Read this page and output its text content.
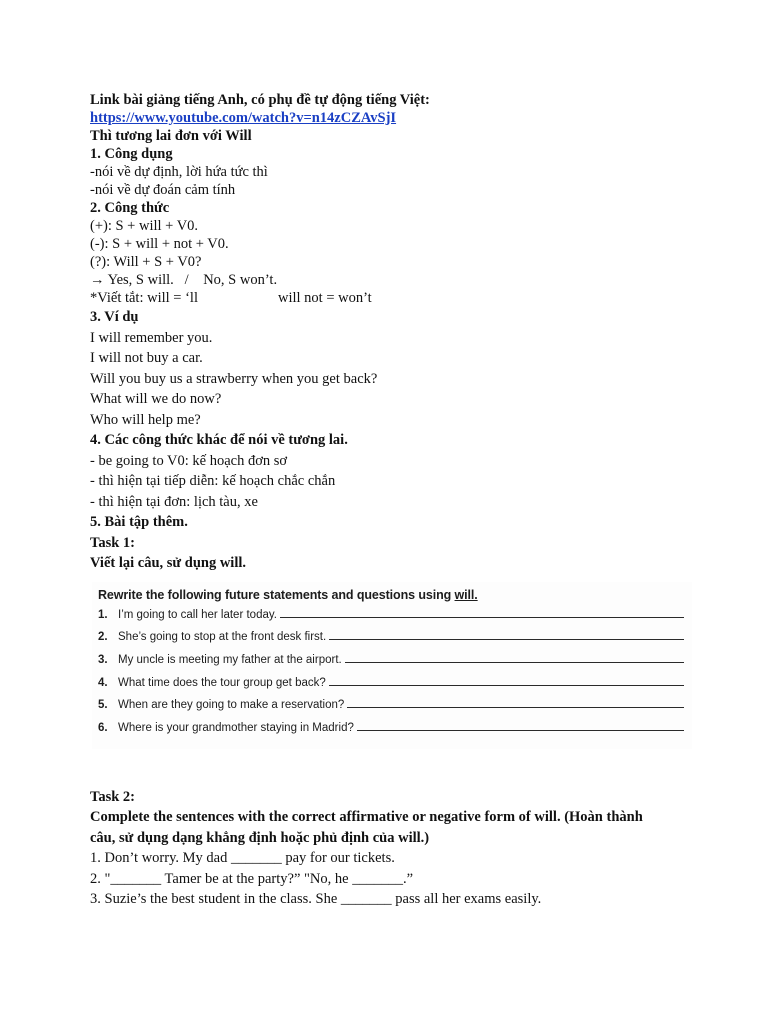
Link bài giảng tiếng Anh, có phụ đề tự động tiếng Việt:

https://www.youtube.com/watch?v=n14zCZAvSjI

Thì tương lai đơn với Will

1. Công dụng

-nói về dự định, lời hứa tức thì

-nói về dự đoán cảm tính

2. Công thức

(+): S + will + V0.

(-): S + will + not + V0.

(?): Will + S + V0?

→ Yes, S will.   /    No, S won’t.

*Viết tắt: will = ‘ll	will not = won’t

3. Ví dụ

I will remember you.

I will not buy a car.

Will you buy us a strawberry when you get back?

What will we do now?

Who will help me?

4. Các công thức khác để nói về tương lai.

- be going to V0: kế hoạch đơn sơ

- thì hiện tại tiếp diễn: kế hoạch chắc chắn

- thì hiện tại đơn: lịch tàu, xe

5. Bài tập thêm.

Task 1:

Viết lại câu, sử dụng will.

Rewrite the following future statements and questions using will.
1. I’m going to call her later today.
2. She’s going to stop at the front desk first.
3. My uncle is meeting my father at the airport.
4. What time does the tour group get back?
5. When are they going to make a reservation?
6. Where is your grandmother staying in Madrid?

Task 2:

Complete the sentences with the correct affirmative or negative form of will. (Hoàn thành

câu, sử dụng dạng khẳng định hoặc phủ định của will.)

1. Don’t worry. My dad _______ pay for our tickets.

2. "_______ Tamer be at the party?” "No, he _______.”

3. Suzie’s the best student in the class. She _______ pass all her exams easily.
